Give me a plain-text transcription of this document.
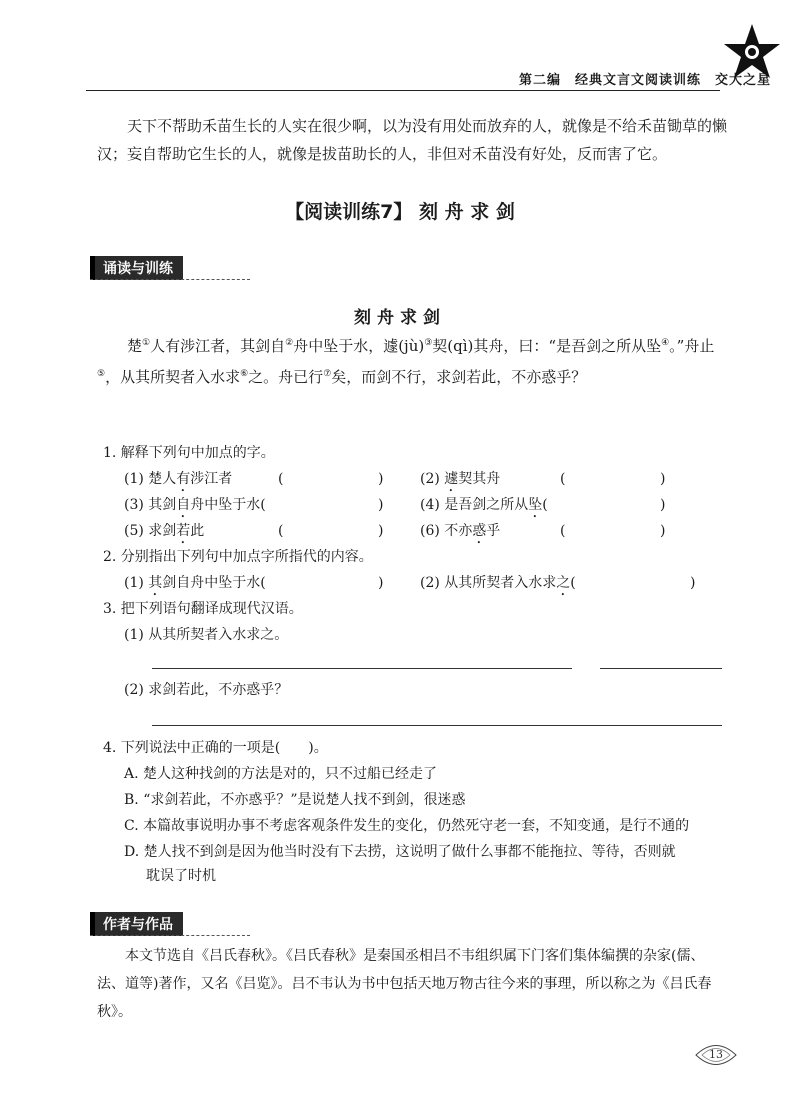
第二编　经典文言文阅读训练　交大之星
天下不帮助禾苗生长的人实在很少啊，以为没有用处而放弃的人，就像是不给禾苗锄草的懒汉；妄自帮助它生长的人，就像是拔苗助长的人，非但对禾苗没有好处，反而害了它。
【阅读训练7】 刻 舟 求 剑
诵读与训练
刻舟求剑
楚①人有涉江者，其剑自②舟中坠于水，遽(jù)③契(qì)其舟，曰：“是吾剑之所从坠④。”舟止⑤，从其所契者入水求⑥之。舟已行⑦矣，而剑不行，求剑若此，不亦惑乎？
1. 解释下列句中加点的字。
(1) 楚人有涉江者	(	)	(2) 遽契其舟	(	)
(3) 其剑自舟中坠于水(	)	(4) 是吾剑之所从坠(	)
(5) 求剑若此	(	)	(6) 不亦惑乎	(	)
2. 分别指出下列句中加点字所指代的内容。
(1) 其剑自舟中坠于水(	)	(2) 从其所契者入水求之(	)
3. 把下列语句翻译成现代汉语。
(1) 从其所契者入水求之。
(2) 求剑若此，不亦惑乎？
4. 下列说法中正确的一项是(　　)。
A. 楚人这种找剑的方法是对的，只不过船已经走了
B. “求剑若此，不亦惑乎？”是说楚人找不到剑，很迷惑
C. 本篇故事说明办事不考虑客观条件发生的变化，仍然死守老一套，不知变通，是行不通的
D. 楚人找不到剑是因为他当时没有下去捞，这说明了做什么事都不能拖拉、等待，否则就
耽误了时机
作者与作品
本文节选自《吕氏春秋》。《吕氏春秋》是秦国丞相吕不韦组织属下门客们集体编撰的杂家(儒、法、道等)著作，又名《吕览》。吕不韦认为书中包括天地万物古往今来的事理，所以称之为《吕氏春秋》。
13
